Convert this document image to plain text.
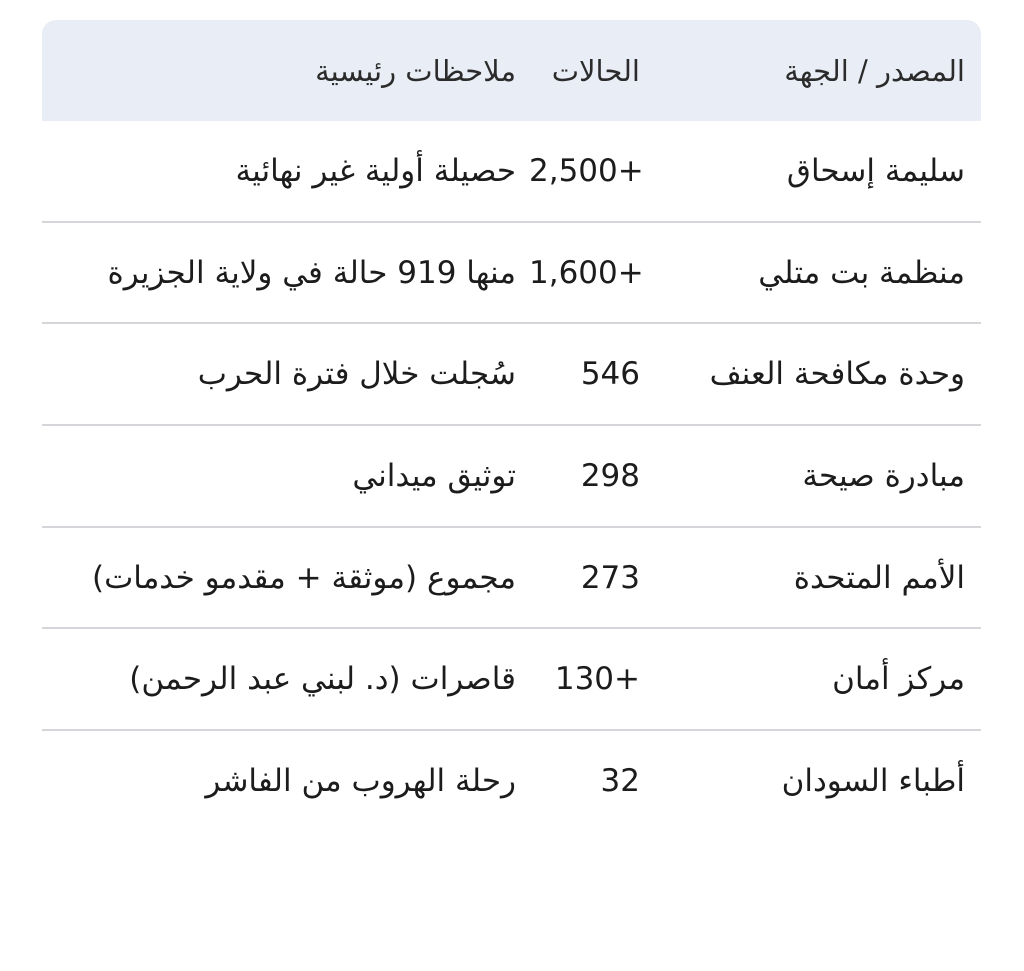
المصدر / الجهة	الحالات	ملاحظات رئيسية
سليمة إسحاق	2,500+	حصيلة أولية غير نهائية
منظمة بت متلي	1,600+	منها 919 حالة في ولاية الجزيرة
وحدة مكافحة العنف	546	سُجلت خلال فترة الحرب
مبادرة صيحة	298	توثيق ميداني
الأمم المتحدة	273	مجموع (موثقة + مقدمو خدمات)
مركز أمان	130+	قاصرات (د. لبني عبد الرحمن)
أطباء السودان	32	رحلة الهروب من الفاشر
